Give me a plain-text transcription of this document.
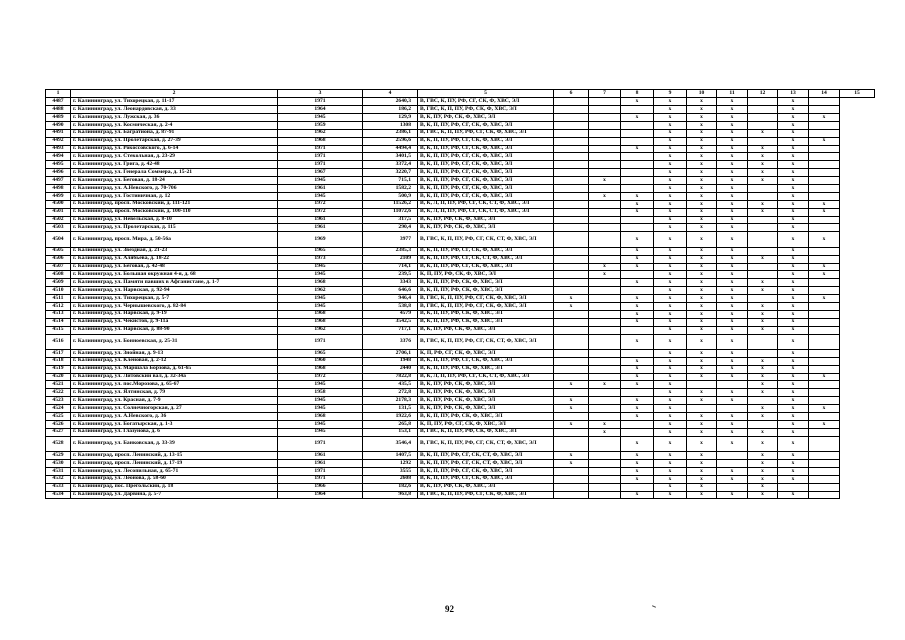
1	2	3	4	5	6	7	8	9	10	11	12	13	14	15
4487	г. Калининград, ул. Тихорецкая, д. 11-17	1971	2640,3	В, ГВС, К, ПУ, РФ, СГ, СК, Ф, ХВС, ЭЛ			x	x	x	x		x		
4488	г. Калининград, ул. Леонардовская, д. 33	1964	186,2	В, ГВС, К, П, ПУ, РФ, СК, Ф, ХВС, ЭЛ				x	x	x		x		
4489	г. Калининград, ул. Лужская, д. 36	1945	129,9	В, К, ПУ, РФ, СК, Ф, ХВС, ЭЛ			x	x	x	x		x	x	
4490	г. Калининград, ул. Космическая, д. 2-4	1959	1308	В, К, П, ПУ, РФ, СГ, СК, Ф, ХВС, ЭЛ				x	x	x		x		
4491	г. Калининград, ул. Багратиона, д. 87-91	1962	2386,1	В, ГВС, К, П, ПУ, РФ, СГ, СК, Ф, ХВС, ЭЛ				x	x	x	x	x		
4492	г. Калининград, ул. Пролетарская, д. 27-39	1968	2596,6	В, К, П, ПУ, РФ, СГ, СК, Ф, ХВС, ЭЛ				x	x	x		x	x	
4493	г. Калининград, ул. Рокоссовского, д. 6-14	1971	4494,4	В, К, П, ПУ, РФ, СГ, СК, Ф, ХВС, ЭЛ			x	x	x	x	x	x		
4494	г. Калининград, ул. Стекольная, д. 23-29	1971	3401,5	В, К, П, ПУ, РФ, СГ, СК, Ф, ХВС, ЭЛ				x	x	x	x	x		
4495	г. Калининград, ул. Грига, д. 42-48	1971	3372,4	В, К, П, ПУ, РФ, СГ, СК, Ф, ХВС, ЭЛ				x	x	x	x	x		
4496	г. Калининград, ул. Генерала Соммера, д. 15-21	1967	3220,7	В, К, П, ПУ, РФ, СГ, СК, Ф, ХВС, ЭЛ				x	x	x	x	x		
4497	г. Калининград, ул. Беговая, д. 18-24	1945	715,1	В, К, П, ПУ, РФ, СГ, СК, Ф, ХВС, ЭЛ		x		x	x	x	x	x		
4498	г. Калининград, ул. А.Невского, д. 70-706	1961	1582,2	В, К, П, ПУ, РФ, СГ, СК, Ф, ХВС, ЭЛ				x	x	x		x		
4499	г. Калининград, ул. Гостиничная, д. 12	1945	500,9	В, К, П, ПУ, РФ, СГ, СК, Ф, ХВС, ЭЛ		x	x	x	x	x		x		
4500	г. Калининград, просп. Московский, д. 111-121	1972	11526,2	В, К, Л, П, ПУ, РФ, СГ, СК, СТ, Ф, ХВС, ЭЛ			x	x	x	x	x	x	x	
4501	г. Калининград, просп. Московский, д. 100-110	1972	11072,6	В, К, Л, П, ПУ, РФ, СГ, СК, СТ, Ф, ХВС, ЭЛ			x	x	x	x	x	x	x	
4502	г. Калининград, ул. Невельская, д. 8-10	1961	317,5	В, К, ПУ, РФ, СК, Ф, ХВС, ЭЛ				x	x	x		x		
4503	г. Калининград, ул. Пролетарская, д. 115	1961	290,4	В, К, ПУ, РФ, СК, Ф, ХВС, ЭЛ				x	x	x		x		
4504	г. Калининград, просп. Мира, д. 50-56а	1969	3977	В, ГВС, К, П, ПУ, РФ, СГ, СК, СТ, Ф, ХВС, ЭЛ			x	x	x	x		x	x	
4505	г. Калининград, ул. Звездная, д. 21-23	1965	2385,3	В, К, П, ПУ, РФ, СГ, СК, Ф, ХВС, ЭЛ			x	x	x	x		x		
4506	г. Калининград, ул. Алябьева, д. 18-22	1973	2109	В, К, П, ПУ, РФ, СГ, СК, СТ, Ф, ХВС, ЭЛ			x	x	x	x	x	x		
4507	г. Калининград, ул. Беговая, д. 42-48	1945	714,1	В, К, П, ПУ, РФ, СГ, СК, Ф, ХВС, ЭЛ		x	x	x	x	x		x	x	
4508	г. Калининград, ул. Большая окружная 4-я, д. 68	1945	239,5	К, П, ПУ, РФ, СК, Ф, ХВС, ЭЛ		x		x	x	x		x	x	
4509	г. Калининград, ул. Памяти павших в Афганистане, д. 1-7	1968	3343	В, К, П, ПУ, РФ, СК, Ф, ХВС, ЭЛ			x	x	x	x	x	x		
4510	г. Калининград, ул. Нарвская, д. 92-94	1962	646,6	В, К, П, ПУ, РФ, СК, Ф, ХВС, ЭЛ				x	x	x	x	x		
4511	г. Калининград, ул. Тихорецкая, д. 5-7	1945	946,4	В, ГВС, К, П, ПУ, РФ, СГ, СК, Ф, ХВС, ЭЛ	x		x	x	x	x		x	x	
4512	г. Калининград, ул. Чернышевского, д. 82-84	1945	538,8	В, ГВС, К, П, ПУ, РФ, СГ, СК, Ф, ХВС, ЭЛ	x		x	x	x	x	x	x		
4513	г. Калининград, ул. Нарвская, д. 9-19	1968	4579	В, К, П, ПУ, РФ, СК, Ф, ХВС, ЭЛ			x	x	x	x	x	x		
4514	г. Калининград, ул. Чекистов, д. 9-11а	1968	3542,5	В, К, П, ПУ, РФ, СК, Ф, ХВС, ЭЛ			x	x	x	x	x	x		
4515	г. Калининград, ул. Нарвская, д. 88-90	1962	717,1	В, К, ПУ, РФ, СК, Ф, ХВС, ЭЛ				x	x	x	x	x		
4516	г. Калининград, ул. Бонноевская, д. 25-31	1971	3376	В, ГВС, К, П, ПУ, РФ, СГ, СК, СТ, Ф, ХВС, ЭЛ			x	x	x	x		x		
4517	г. Калининград, ул. Знойная, д. 9-13	1965	2706,1	К, П, РФ, СГ, СК, Ф, ХВС, ЭЛ				x	x	x		x		
4518	г. Калининград, ул. Кленовая, д. 2-12	1960	1948	В, К, П, ПУ, РФ, СГ, СК, Ф, ХВС, ЭЛ			x	x	x	x	x	x		
4519	г. Калининград, ул. Маршала Борзова, д. 61-65	1968	2440	В, К, П, ПУ, РФ, СК, Ф, ХВС, ЭЛ			x	x	x	x	x	x		
4520	г. Калининград, ул. Литовский вал, д. 32-34а	1972	7822,8	В, К, Л, П, ПУ, РФ, СГ, СК, СТ, Ф, ХВС, ЭЛ			x	x	x	x	x	x	x	
4521	г. Калининград, ул. пос.Морозова, д. 65-67	1945	435,5	В, К, ПУ, РФ, СК, Ф, ХВС, ЭЛ	x	x	x	x			x	x		
4522	г. Калининград, ул. Ялтинская, д. 79	1958	272,8	В, К, ПУ, РФ, СК, Ф, ХВС, ЭЛ				x	x	x	x	x		
4523	г. Калининград, ул. Красная, д. 7-9	1945	2178,3	В, К, ПУ, РФ, СК, Ф, ХВС, ЭЛ	x		x	x	x	x		x		
4524	г. Калининград, ул. Солнечногорская, д. 27	1945	131,5	В, К, ПУ, РФ, СК, Ф, ХВС, ЭЛ	x		x	x			x	x	x	
4525	г. Калининград, ул. А.Невского, д. 36	1968	1922,6	В, К, П, ПУ, РФ, СК, Ф, ХВС, ЭЛ			x	x	x	x	x	x		
4526	г. Калининград, ул. Богатырская, д. 1-3	1945	265,8	К, П, ПУ, РФ, СГ, СК, Ф, ХВС, ЭЛ	x	x		x	x	x		x	x	
4527	г. Калининград, ул. Глазунова, д. 6	1945	153,1	В, ГВС, К, П, ПУ, РФ, СК, Ф, ХВС, ЭЛ		x		x	x	x	x	x		
4528	г. Калининград, ул. Банковская, д. 33-39	1971	3546,4	В, ГВС, К, П, ПУ, РФ, СГ, СК, СТ, Ф, ХВС, ЭЛ			x	x	x	x	x	x		
4529	г. Калининград, просп. Ленинский, д. 13-15	1961	1407,5	В, К, П, ПУ, РФ, СГ, СК, СТ, Ф, ХВС, ЭЛ	x		x	x	x		x	x		
4530	г. Калининград, просп. Ленинский, д. 17-19	1961	1292	В, К, П, ПУ, РФ, СГ, СК, СТ, Ф, ХВС, ЭЛ	x		x	x	x		x	x		
4531	г. Калининград, ул. Лесопильная, д. 65-71	1971	3555	В, К, П, ПУ, РФ, СГ, СК, Ф, ХВС, ЭЛ			x	x	x	x	x	x		
4532	г. Калининград, ул. Леонова, д. 58-60	1971	2608	В, К, П, ПУ, РФ, СГ, СК, Ф, ХВС, ЭЛ			x	x	x	x	x	x		
4533	г. Калининград, пос. Прегольский, д. 18	1966	182,6	В, К, ПУ, РФ, СК, Ф, ХВС, ЭЛ				x	x		x			
4534	г. Калининград, ул. Дарвина, д. 5-7	1964	963,8	В, ГВС, К, П, ПУ, РФ, СГ, СК, Ф, ХВС, ЭЛ			x	x	x	x	x	x		
92
